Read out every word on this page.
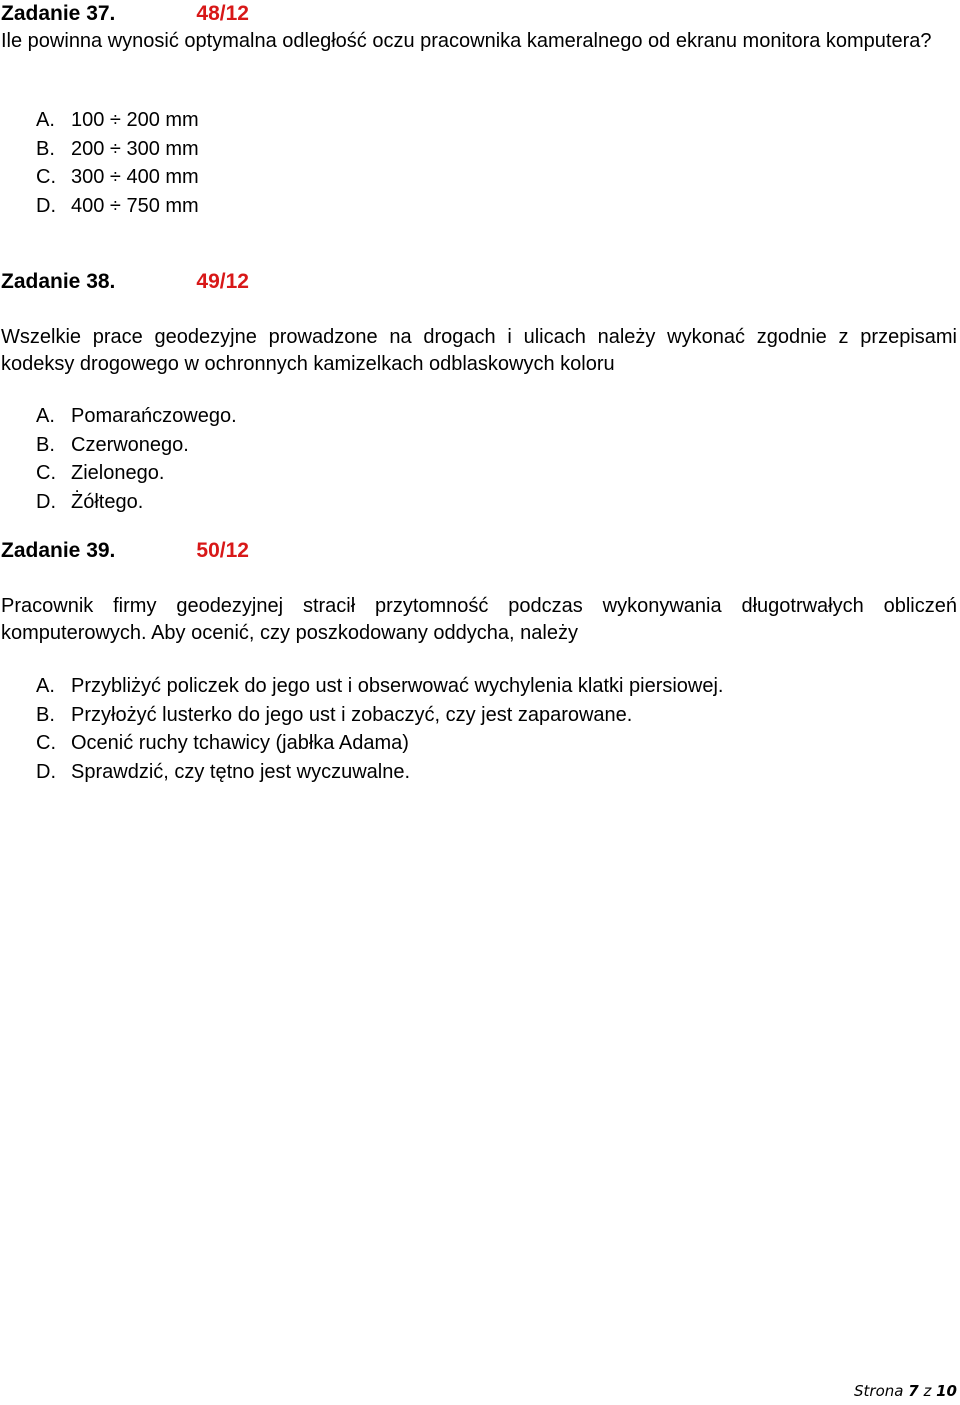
Zadanie 37.	48/12
Ile powinna wynosić optymalna odległość oczu pracownika kameralnego od ekranu monitora komputera?
A. 100 ÷ 200 mm
B. 200 ÷ 300 mm
C. 300 ÷ 400 mm
D. 400 ÷ 750 mm
Zadanie 38.	49/12
Wszelkie prace geodezyjne prowadzone na drogach i ulicach należy wykonać zgodnie z przepisami kodeksy drogowego w ochronnych kamizelkach odblaskowych koloru
A. Pomarańczowego.
B. Czerwonego.
C. Zielonego.
D. Żółtego.
Zadanie 39.	50/12
Pracownik firmy geodezyjnej stracił przytomność podczas wykonywania długotrwałych obliczeń komputerowych. Aby ocenić, czy poszkodowany oddycha, należy
A. Przybliżyć policzek do jego ust i obserwować wychylenia klatki piersiowej.
B. Przyłożyć lusterko do jego ust i zobaczyć, czy jest zaparowane.
C. Ocenić ruchy tchawicy (jabłka Adama)
D. Sprawdzić, czy tętno jest wyczuwalne.
Strona 7 z 10
